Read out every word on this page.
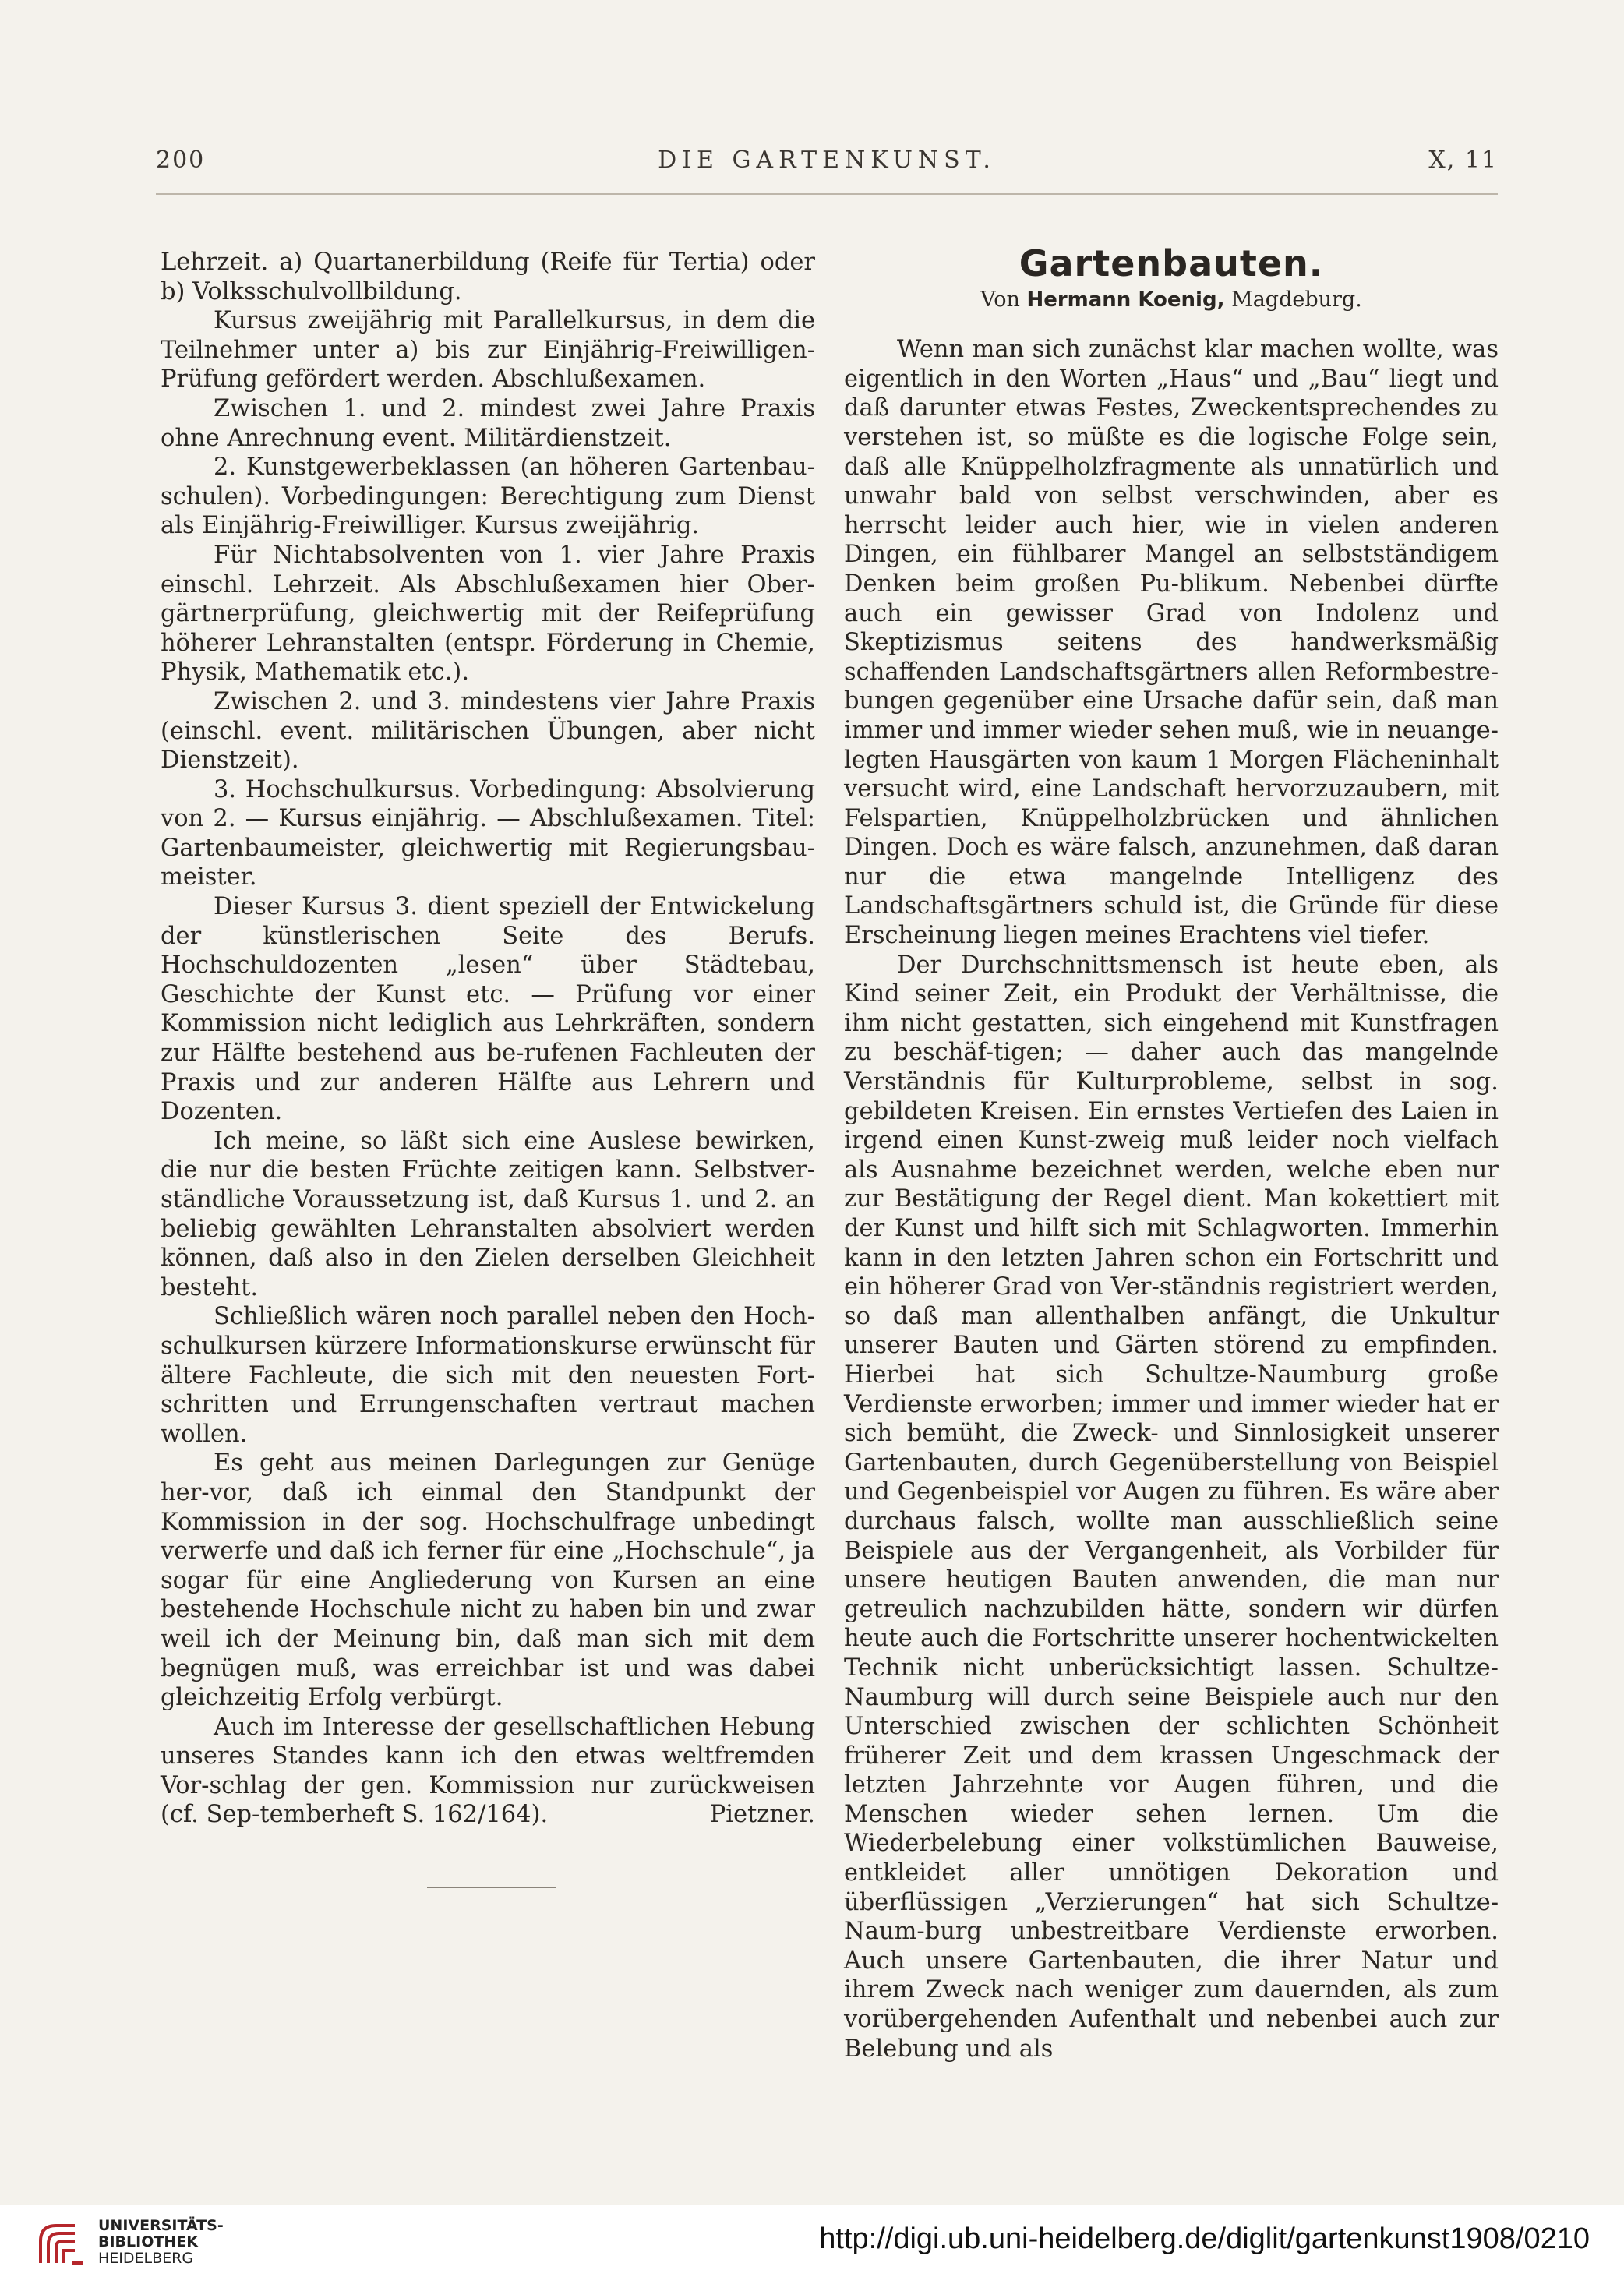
200	DIE GARTENKUNST.	X, 11

Lehrzeit. a) Quartanerbildung (Reife für Tertia) oder b) Volksschulvollbildung.

Kursus zweijährig mit Parallelkursus, in dem die Teilnehmer unter a) bis zur Einjährig-Freiwilligen-Prüfung gefördert werden. Abschlußexamen.

Zwischen 1. und 2. mindest zwei Jahre Praxis ohne Anrechnung event. Militärdienstzeit.

2. Kunstgewerbeklassen (an höheren Gartenbau-schulen). Vorbedingungen: Berechtigung zum Dienst als Einjährig-Freiwilliger. Kursus zweijährig.

Für Nichtabsolventen von 1. vier Jahre Praxis einschl. Lehrzeit. Als Abschlußexamen hier Ober-gärtnerprüfung, gleichwertig mit der Reifeprüfung höherer Lehranstalten (entspr. Förderung in Chemie, Physik, Mathematik etc.).

Zwischen 2. und 3. mindestens vier Jahre Praxis (einschl. event. militärischen Übungen, aber nicht Dienstzeit).

3. Hochschulkursus. Vorbedingung: Absolvierung von 2. — Kursus einjährig. — Abschlußexamen. Titel: Gartenbaumeister, gleichwertig mit Regierungsbau-meister.

Dieser Kursus 3. dient speziell der Entwickelung der künstlerischen Seite des Berufs. Hochschuldozenten „lesen“ über Städtebau, Geschichte der Kunst etc. — Prüfung vor einer Kommission nicht lediglich aus Lehrkräften, sondern zur Hälfte bestehend aus be-rufenen Fachleuten der Praxis und zur anderen Hälfte aus Lehrern und Dozenten.

Ich meine, so läßt sich eine Auslese bewirken, die nur die besten Früchte zeitigen kann. Selbstver-ständliche Voraussetzung ist, daß Kursus 1. und 2. an beliebig gewählten Lehranstalten absolviert werden können, daß also in den Zielen derselben Gleichheit besteht.

Schließlich wären noch parallel neben den Hoch-schulkursen kürzere Informationskurse erwünscht für ältere Fachleute, die sich mit den neuesten Fort-schritten und Errungenschaften vertraut machen wollen.

Es geht aus meinen Darlegungen zur Genüge her-vor, daß ich einmal den Standpunkt der Kommission in der sog. Hochschulfrage unbedingt verwerfe und daß ich ferner für eine „Hochschule“, ja sogar für eine Angliederung von Kursen an eine bestehende Hochschule nicht zu haben bin und zwar weil ich der Meinung bin, daß man sich mit dem begnügen muß, was erreichbar ist und was dabei gleichzeitig Erfolg verbürgt.

Auch im Interesse der gesellschaftlichen Hebung unseres Standes kann ich den etwas weltfremden Vor-schlag der gen. Kommission nur zurückweisen (cf. Sep-temberheft S. 162/164).	Pietzner.

Gartenbauten.
Von Hermann Koenig, Magdeburg.

Wenn man sich zunächst klar machen wollte, was eigentlich in den Worten „Haus“ und „Bau“ liegt und daß darunter etwas Festes, Zweckentsprechendes zu verstehen ist, so müßte es die logische Folge sein, daß alle Knüppelholzfragmente als unnatürlich und unwahr bald von selbst verschwinden, aber es herrscht leider auch hier, wie in vielen anderen Dingen, ein fühlbarer Mangel an selbstständigem Denken beim großen Pu-blikum. Nebenbei dürfte auch ein gewisser Grad von Indolenz und Skeptizismus seitens des handwerksmäßig schaffenden Landschaftsgärtners allen Reformbestre-bungen gegenüber eine Ursache dafür sein, daß man immer und immer wieder sehen muß, wie in neuange-legten Hausgärten von kaum 1 Morgen Flächeninhalt versucht wird, eine Landschaft hervorzuzaubern, mit Felspartien, Knüppelholzbrücken und ähnlichen Dingen. Doch es wäre falsch, anzunehmen, daß daran nur die etwa mangelnde Intelligenz des Landschaftsgärtners schuld ist, die Gründe für diese Erscheinung liegen meines Erachtens viel tiefer.

Der Durchschnittsmensch ist heute eben, als Kind seiner Zeit, ein Produkt der Verhältnisse, die ihm nicht gestatten, sich eingehend mit Kunstfragen zu beschäf-tigen; — daher auch das mangelnde Verständnis für Kulturprobleme, selbst in sog. gebildeten Kreisen. Ein ernstes Vertiefen des Laien in irgend einen Kunst-zweig muß leider noch vielfach als Ausnahme bezeichnet werden, welche eben nur zur Bestätigung der Regel dient. Man kokettiert mit der Kunst und hilft sich mit Schlagworten. Immerhin kann in den letzten Jahren schon ein Fortschritt und ein höherer Grad von Ver-ständnis registriert werden, so daß man allenthalben anfängt, die Unkultur unserer Bauten und Gärten störend zu empfinden. Hierbei hat sich Schultze-Naumburg große Verdienste erworben; immer und immer wieder hat er sich bemüht, die Zweck- und Sinnlosigkeit unserer Gartenbauten, durch Gegenüberstellung von Beispiel und Gegenbeispiel vor Augen zu führen. Es wäre aber durchaus falsch, wollte man ausschließlich seine Beispiele aus der Vergangenheit, als Vorbilder für unsere heutigen Bauten anwenden, die man nur getreulich nachzubilden hätte, sondern wir dürfen heute auch die Fortschritte unserer hochentwickelten Technik nicht unberücksichtigt lassen. Schultze-Naumburg will durch seine Beispiele auch nur den Unterschied zwischen der schlichten Schönheit früherer Zeit und dem krassen Ungeschmack der letzten Jahrzehnte vor Augen führen, und die Menschen wieder sehen lernen. Um die Wiederbelebung einer volkstümlichen Bauweise, entkleidet aller unnötigen Dekoration und überflüssigen „Verzierungen“ hat sich Schultze-Naum-burg unbestreitbare Verdienste erworben. Auch unsere Gartenbauten, die ihrer Natur und ihrem Zweck nach weniger zum dauernden, als zum vorübergehenden Aufenthalt und nebenbei auch zur Belebung und als

UNIVERSITÄTS-
BIBLIOTHEK
HEIDELBERG
http://digi.ub.uni-heidelberg.de/diglit/gartenkunst1908/0210
